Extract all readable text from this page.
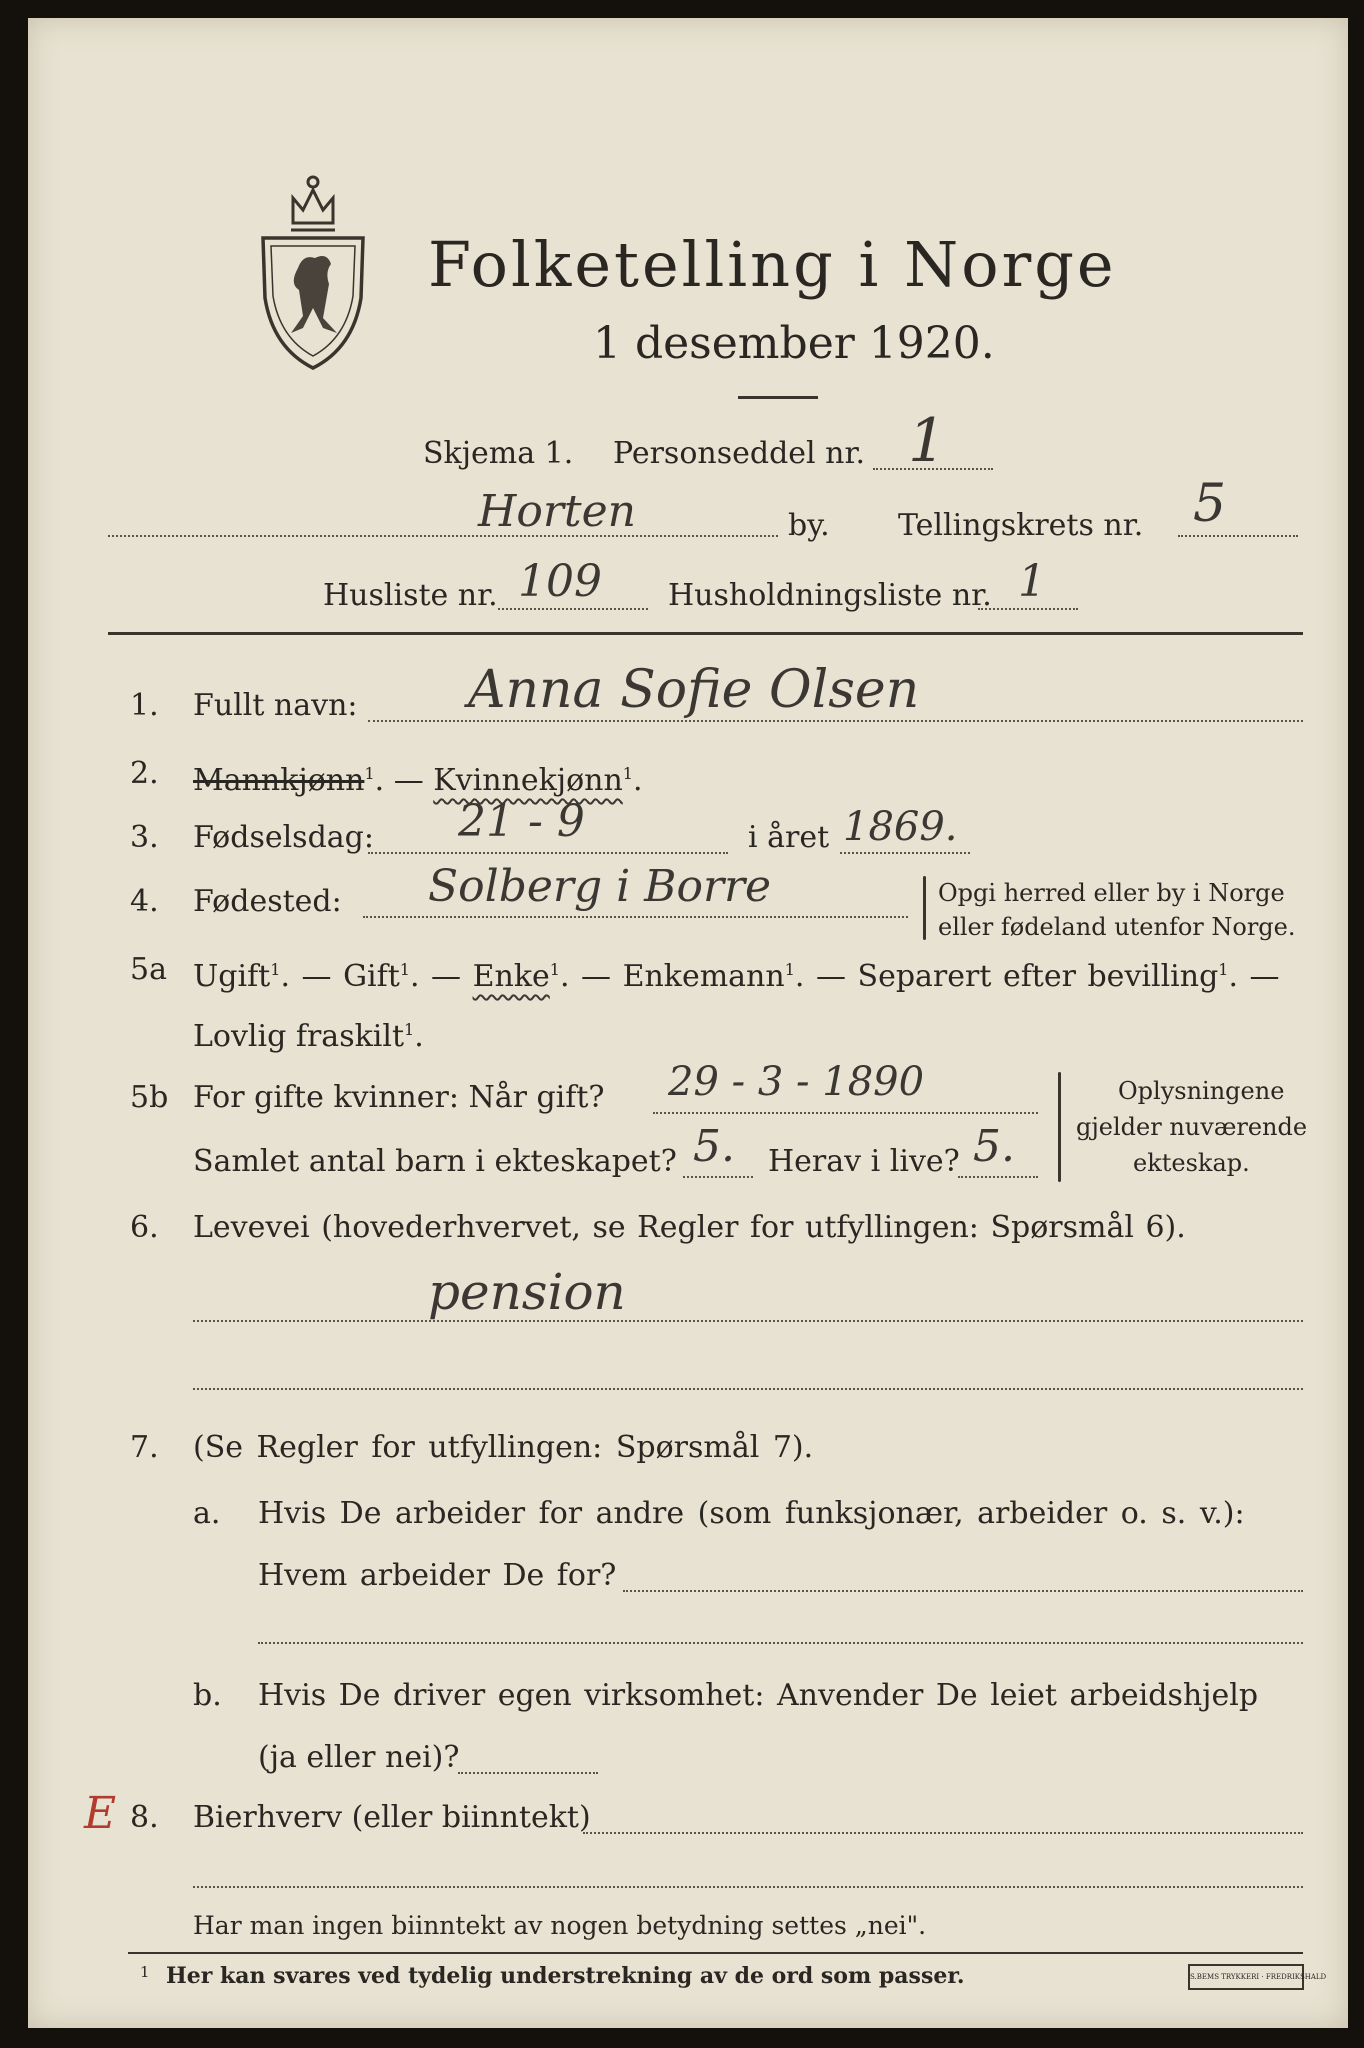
Folketelling i Norge
1 desember 1920.
Skjema 1. Personseddel nr. 1
Horten	by. Tellingskrets nr. 5
Husliste nr. 109 Husholdningsliste nr. 1
1. Fullt navn: Anna Sofie Olsen
2. Mannkjønn$^1$. — Kvinnekjønn$^1$.
3. Fødselsdag: 21 - 9	i året 1869.
4. Fødested: Solberg i Borre	Opgi herred eller by i Norge
eller fødeland utenfor Norge.
5a Ugift$^1$. — Gift$^1$. — Enke$^1$. — Enkemann$^1$. — Separert efter bevilling$^1$. —
Lovlig fraskilt$^1$.
5b For gifte kvinner: Når gift? 29 - 3 - 1890
Samlet antal barn i ekteskapet? 5. Herav i live? 5.
Oplysningene
gjelder nuværende
ekteskap.
6. Levevei (hovederhvervet, se Regler for utfyllingen: Spørsmål 6).
pension
7. (Se Regler for utfyllingen: Spørsmål 7).
a. Hvis De arbeider for andre (som funksjonær, arbeider o. s. v.):
Hvem arbeider De for?
b. Hvis De driver egen virksomhet: Anvender De leiet arbeidshjelp
(ja eller nei)?
E 8. Bierhverv (eller biinntekt)
Har man ingen biinntekt av nogen betydning settes „nei".
1 Her kan svares ved tydelig understrekning av de ord som passer.	S.BEMS TRYKKERI · FREDRIKSHALD
